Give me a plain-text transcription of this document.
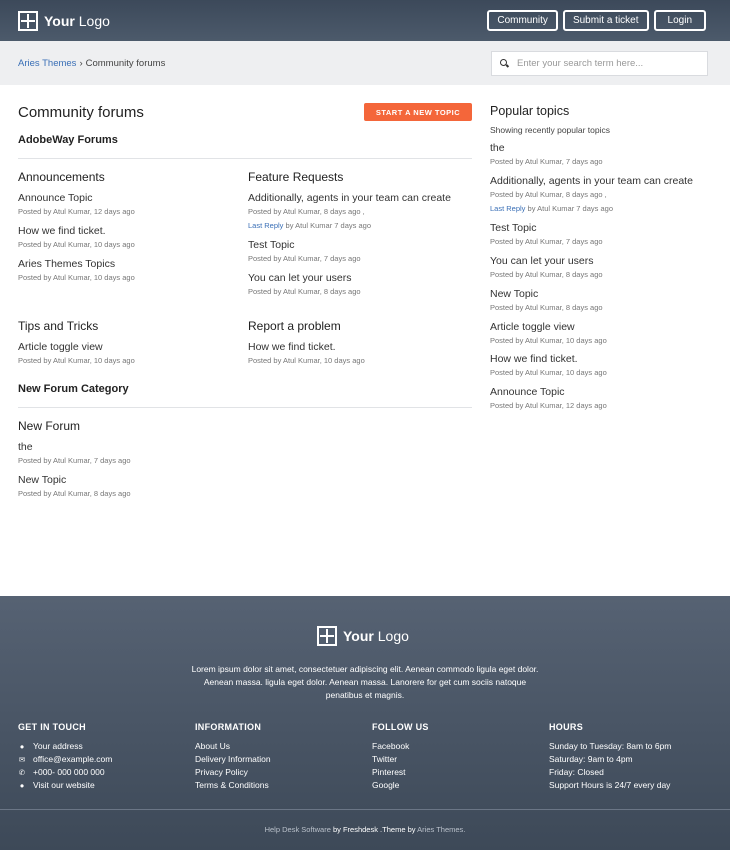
Your Logo	Community	Submit a ticket	Login
Aries Themes › Community forums	Enter your search term here...
Community forums	START A NEW TOPIC
AdobeWay Forums
Announcements
Announce Topic
Posted by Atul Kumar, 12 days ago
How we find ticket.
Posted by Atul Kumar, 10 days ago
Aries Themes Topics
Posted by Atul Kumar, 10 days ago
Feature Requests
Additionally, agents in your team can create
Posted by Atul Kumar, 8 days ago ,
Last Reply by Atul Kumar 7 days ago
Test Topic
Posted by Atul Kumar, 7 days ago
You can let your users
Posted by Atul Kumar, 8 days ago
Tips and Tricks
Article toggle view
Posted by Atul Kumar, 10 days ago
Report a problem
How we find ticket.
Posted by Atul Kumar, 10 days ago
New Forum Category
New Forum
the
Posted by Atul Kumar, 7 days ago
New Topic
Posted by Atul Kumar, 8 days ago
Popular topics
Showing recently popular topics
the
Posted by Atul Kumar, 7 days ago
Additionally, agents in your team can create
Posted by Atul Kumar, 8 days ago ,
Last Reply by Atul Kumar 7 days ago
Test Topic
Posted by Atul Kumar, 7 days ago
You can let your users
Posted by Atul Kumar, 8 days ago
New Topic
Posted by Atul Kumar, 8 days ago
Article toggle view
Posted by Atul Kumar, 10 days ago
How we find ticket.
Posted by Atul Kumar, 10 days ago
Announce Topic
Posted by Atul Kumar, 12 days ago
Your Logo
Lorem ipsum dolor sit amet, consectetuer adipiscing elit. Aenean commodo ligula eget dolor. Aenean massa. ligula eget dolor. Aenean massa. Lanorere for get cum sociis natoque penatibus et magnis.
GET IN TOUCH
● Your address
✉ office@example.com
✆ +000- 000 000 000
● Visit our website
INFORMATION
About Us
Delivery Information
Privacy Policy
Terms & Conditions
FOLLOW US
Facebook
Twitter
Pinterest
Google
HOURS
Sunday to Tuesday: 8am to 6pm
Saturday: 9am to 4pm
Friday: Closed
Support Hours is 24/7 every day
Help Desk Software by Freshdesk .Theme by Aries Themes.
